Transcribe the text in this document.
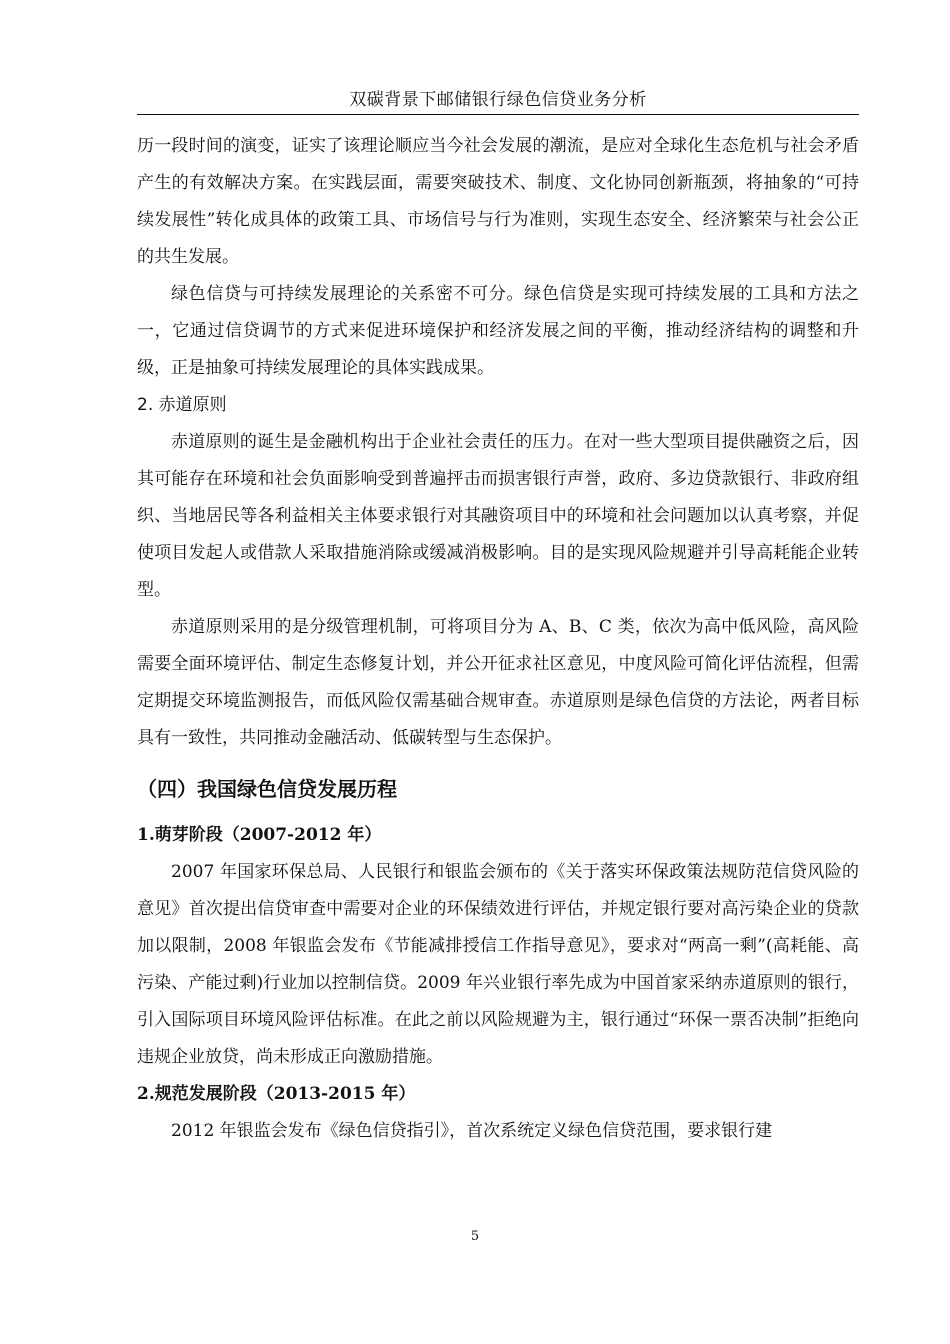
双碳背景下邮储银行绿色信贷业务分析

历一段时间的演变，证实了该理论顺应当今社会发展的潮流，是应对全球化生态危机与社会矛盾产生的有效解决方案。在实践层面，需要突破技术、制度、文化协同创新瓶颈，将抽象的“可持续发展性”转化成具体的政策工具、市场信号与行为准则，实现生态安全、经济繁荣与社会公正的共生发展。

绿色信贷与可持续发展理论的关系密不可分。绿色信贷是实现可持续发展的工具和方法之一，它通过信贷调节的方式来促进环境保护和经济发展之间的平衡，推动经济结构的调整和升级，正是抽象可持续发展理论的具体实践成果。

2. 赤道原则

赤道原则的诞生是金融机构出于企业社会责任的压力。在对一些大型项目提供融资之后，因其可能存在环境和社会负面影响受到普遍抨击而损害银行声誉，政府、多边贷款银行、非政府组织、当地居民等各利益相关主体要求银行对其融资项目中的环境和社会问题加以认真考察，并促使项目发起人或借款人采取措施消除或缓减消极影响。目的是实现风险规避并引导高耗能企业转型。

赤道原则采用的是分级管理机制，可将项目分为 A、B、C 类，依次为高中低风险，高风险需要全面环境评估、制定生态修复计划，并公开征求社区意见，中度风险可简化评估流程，但需定期提交环境监测报告，而低风险仅需基础合规审查。赤道原则是绿色信贷的方法论，两者目标具有一致性，共同推动金融活动、低碳转型与生态保护。

（四）我国绿色信贷发展历程

1.萌芽阶段（2007-2012 年）

2007 年国家环保总局、人民银行和银监会颁布的《关于落实环保政策法规防范信贷风险的意见》首次提出信贷审查中需要对企业的环保绩效进行评估，并规定银行要对高污染企业的贷款加以限制，2008 年银监会发布《节能减排授信工作指导意见》，要求对“两高一剩”(高耗能、高污染、产能过剩)行业加以控制信贷。2009 年兴业银行率先成为中国首家采纳赤道原则的银行，引入国际项目环境风险评估标准。在此之前以风险规避为主，银行通过“环保一票否决制”拒绝向违规企业放贷，尚未形成正向激励措施。

2.规范发展阶段（2013-2015 年）

2012 年银监会发布《绿色信贷指引》，首次系统定义绿色信贷范围，要求银行建

5
